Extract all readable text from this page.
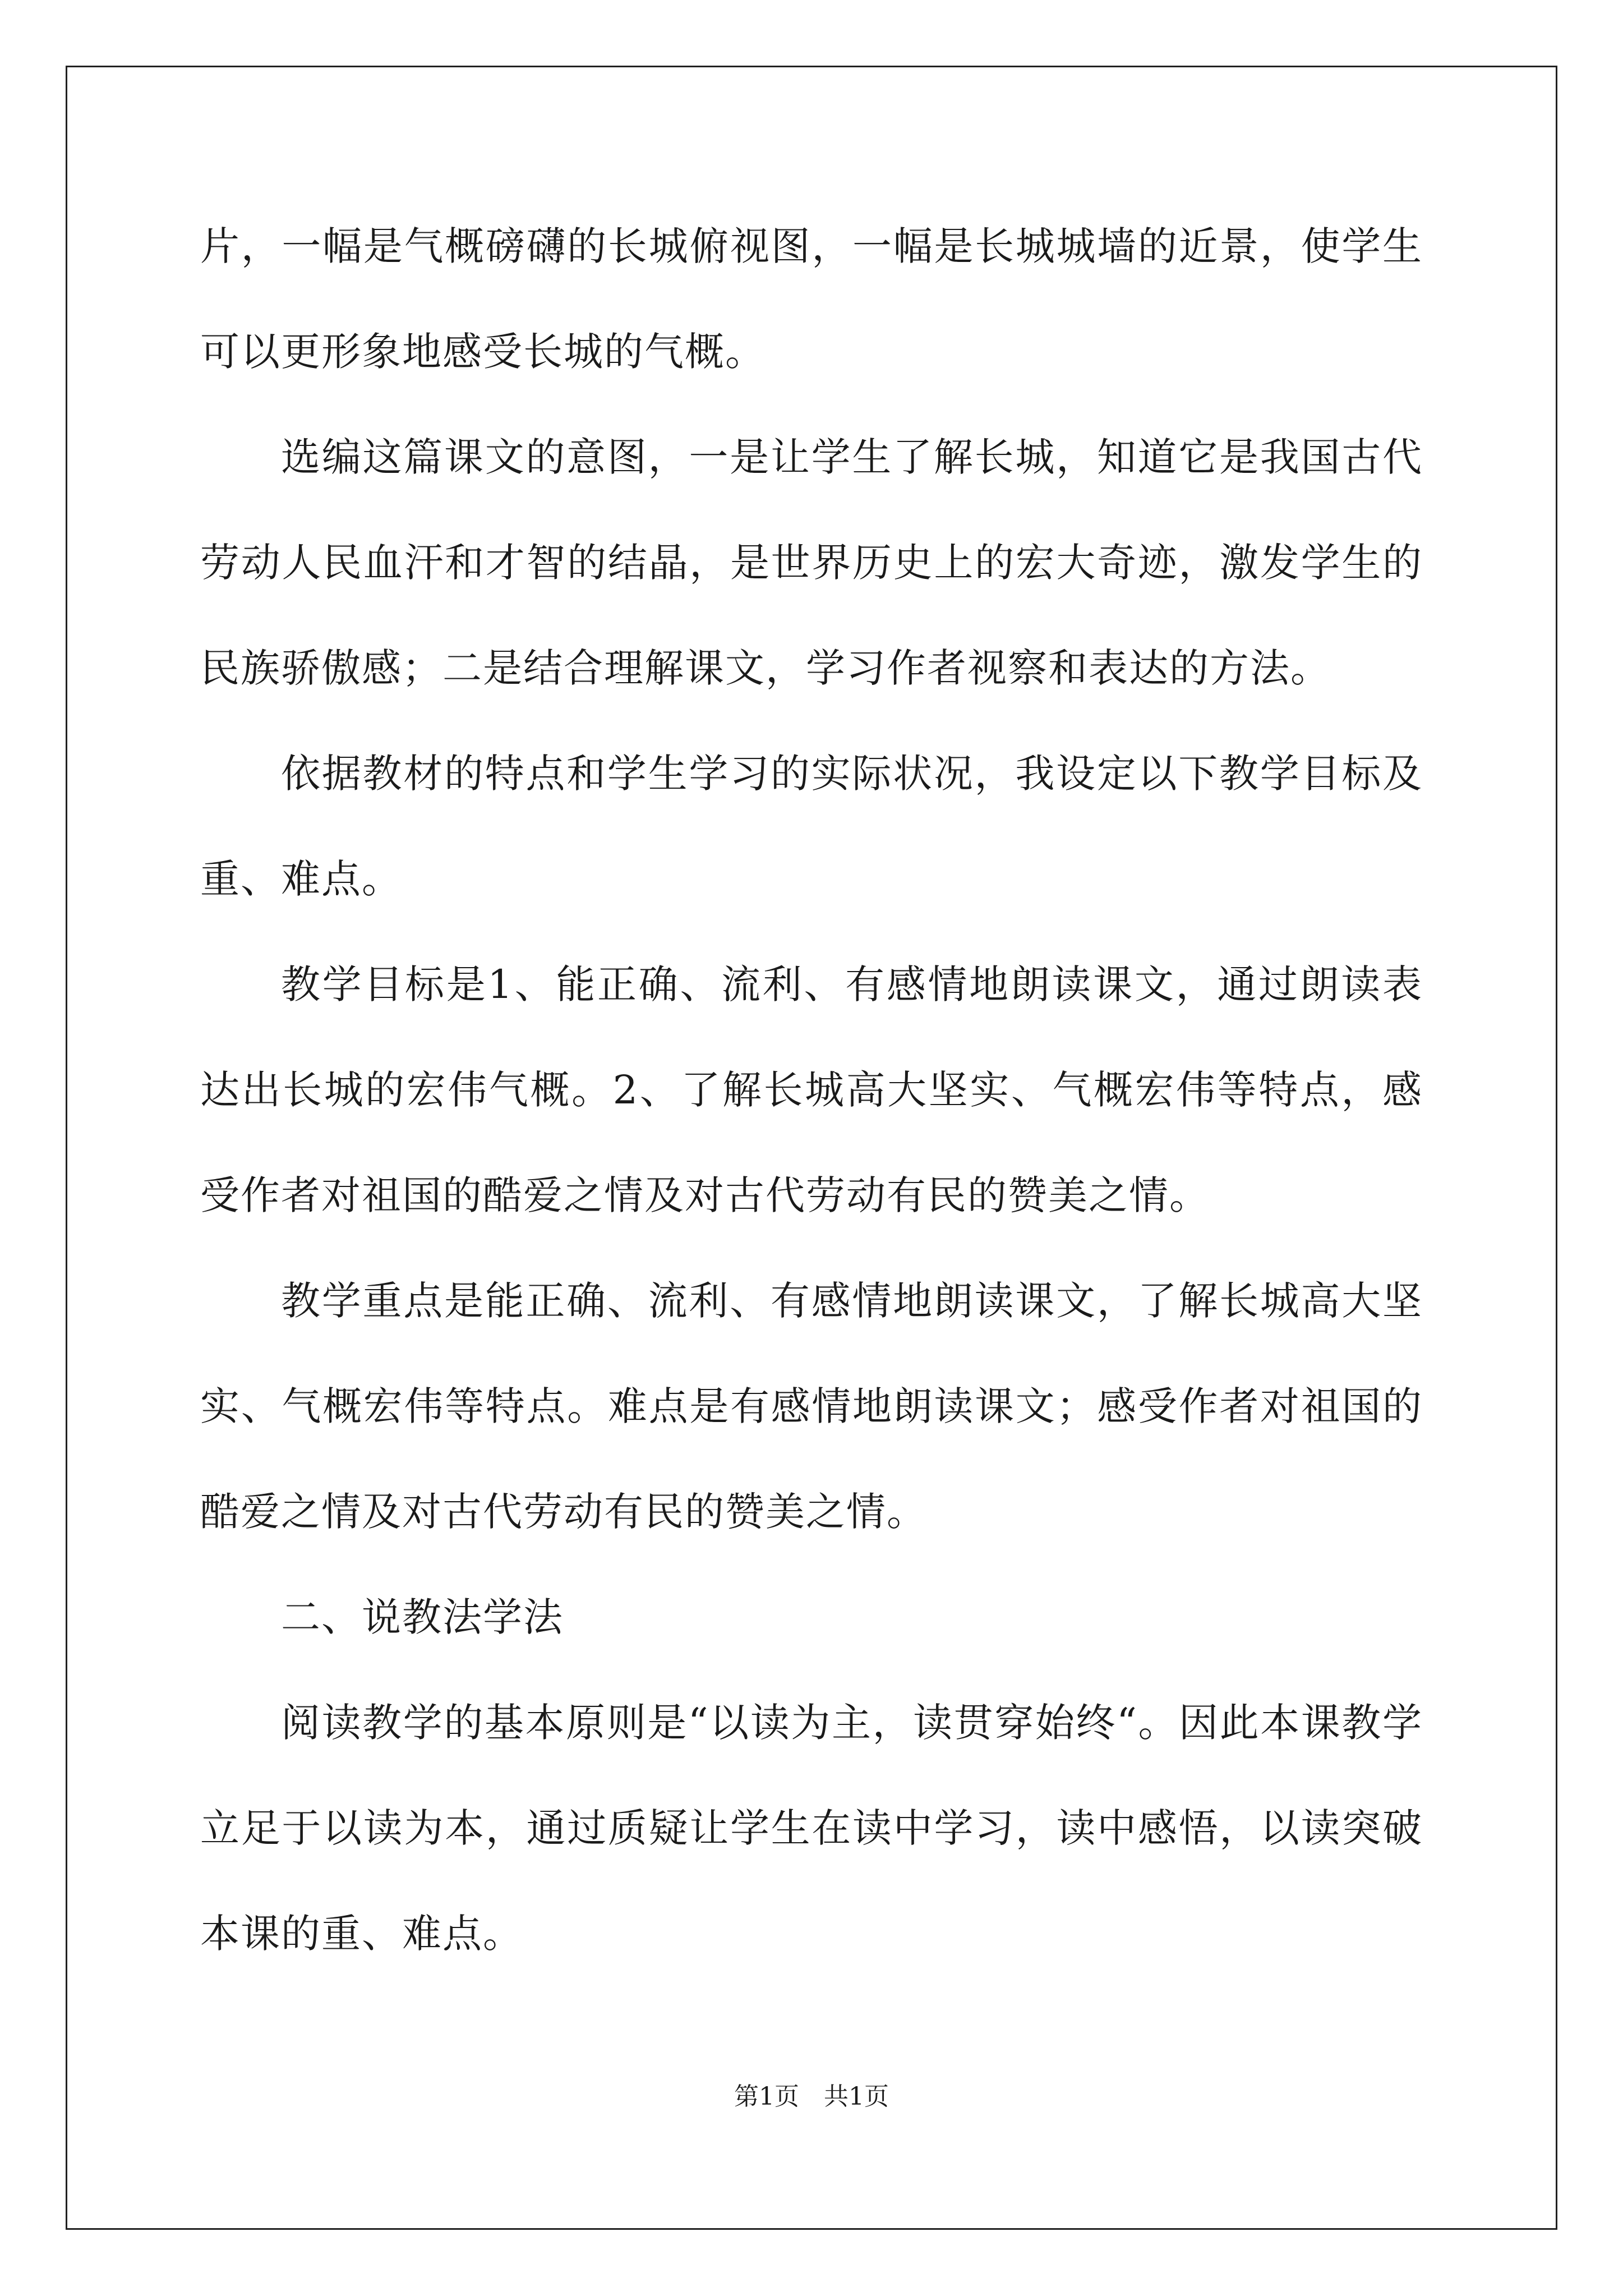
片，一幅是气概磅礴的长城俯视图，一幅是长城城墙的近景，使学生可以更形象地感受长城的气概。

选编这篇课文的意图，一是让学生了解长城，知道它是我国古代劳动人民血汗和才智的结晶，是世界历史上的宏大奇迹，激发学生的民族骄傲感；二是结合理解课文，学习作者视察和表达的方法。

依据教材的特点和学生学习的实际状况，我设定以下教学目标及重、难点。

教学目标是1、能正确、流利、有感情地朗读课文，通过朗读表达出长城的宏伟气概。2、了解长城高大坚实、气概宏伟等特点，感受作者对祖国的酷爱之情及对古代劳动有民的赞美之情。

教学重点是能正确、流利、有感情地朗读课文，了解长城高大坚实、气概宏伟等特点。难点是有感情地朗读课文；感受作者对祖国的酷爱之情及对古代劳动有民的赞美之情。

二、说教法学法

阅读教学的基本原则是“以读为主，读贯穿始终“。因此本课教学立足于以读为本，通过质疑让学生在读中学习，读中感悟，以读突破本课的重、难点。

第1页 共1页
